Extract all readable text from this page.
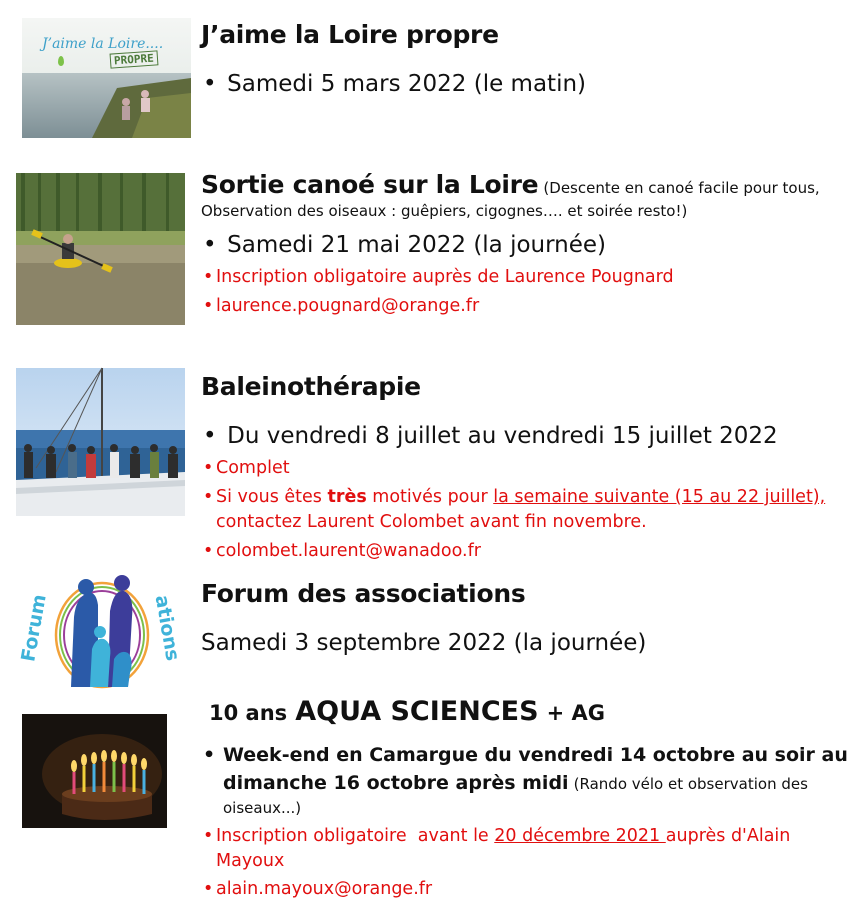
J’aime la Loire....
PROPRE
J’aime la Loire propre
• Samedi 5 mars 2022 (le matin)
Sortie canoé sur la Loire (Descente en canoé facile pour tous,
Observation des oiseaux : guêpiers, cigognes…. et soirée resto!)
• Samedi 21 mai 2022 (la journée)
• Inscription obligatoire auprès de Laurence Pougnard
• laurence.pougnard@orange.fr
Baleinothérapie
• Du vendredi 8 juillet au vendredi 15 juillet 2022
• Complet
• Si vous êtes très motivés pour la semaine suivante (15 au 22 juillet),
contactez Laurent Colombet avant fin novembre.
• colombet.laurent@wanadoo.fr
Forum	ations Forum des associations
Samedi 3 septembre 2022 (la journée)
10 ans AQUA SCIENCES + AG
• Week-end en Camargue du vendredi 14 octobre au soir au
dimanche 16 octobre après midi (Rando vélo et observation des
oiseaux...)
• Inscription obligatoire  avant le 20 décembre 2021 auprès d'Alain
Mayoux
• alain.mayoux@orange.fr
